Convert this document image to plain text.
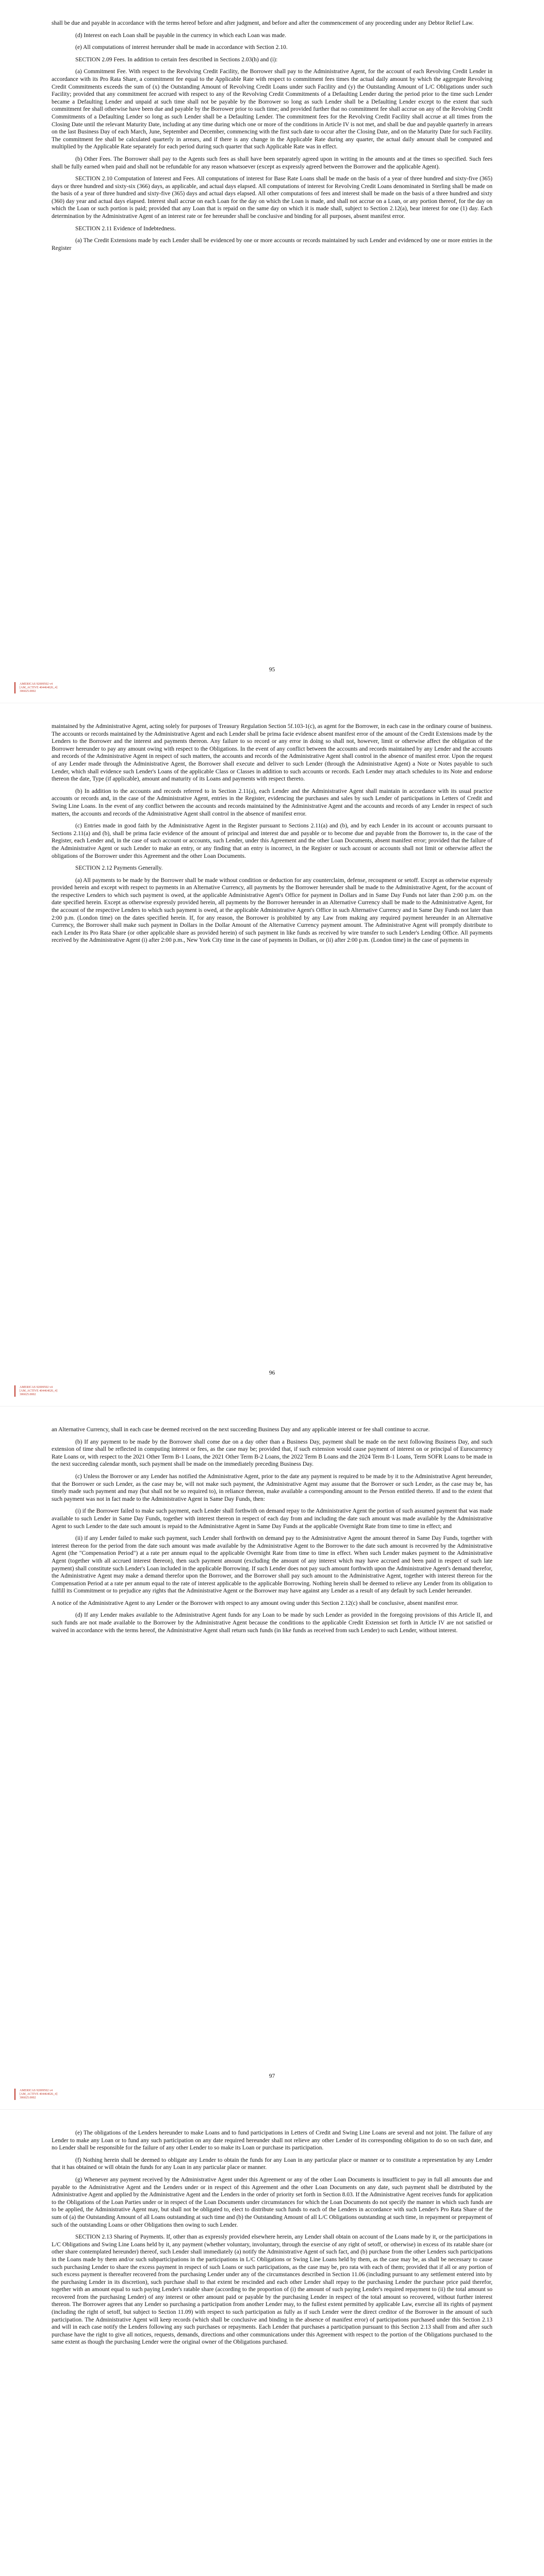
shall be due and payable in accordance with the terms hereof before and after judgment, and before and after the commencement of any proceeding under any Debtor Relief Law.

(d) Interest on each Loan shall be payable in the currency in which each Loan was made.

(e) All computations of interest hereunder shall be made in accordance with Section 2.10.

SECTION 2.09 Fees. In addition to certain fees described in Sections 2.03(h) and (i):

(a) Commitment Fee. With respect to the Revolving Credit Facility, the Borrower shall pay to the Administrative Agent, for the account of each Revolving Credit Lender in accordance with its Pro Rata Share, a commitment fee equal to the Applicable Rate with respect to commitment fees times the actual daily amount by which the aggregate Revolving Credit Commitments exceeds the sum of (x) the Outstanding Amount of Revolving Credit Loans under such Facility and (y) the Outstanding Amount of L/C Obligations under such Facility; provided that any commitment fee accrued with respect to any of the Revolving Credit Commitments of a Defaulting Lender during the period prior to the time such Lender became a Defaulting Lender and unpaid at such time shall not be payable by the Borrower so long as such Lender shall be a Defaulting Lender except to the extent that such commitment fee shall otherwise have been due and payable by the Borrower prior to such time; and provided further that no commitment fee shall accrue on any of the Revolving Credit Commitments of a Defaulting Lender so long as such Lender shall be a Defaulting Lender. The commitment fees for the Revolving Credit Facility shall accrue at all times from the Closing Date until the relevant Maturity Date, including at any time during which one or more of the conditions in Article IV is not met, and shall be due and payable quarterly in arrears on the last Business Day of each March, June, September and December, commencing with the first such date to occur after the Closing Date, and on the Maturity Date for such Facility. The commitment fee shall be calculated quarterly in arrears, and if there is any change in the Applicable Rate during any quarter, the actual daily amount shall be computed and multiplied by the Applicable Rate separately for each period during such quarter that such Applicable Rate was in effect.

(b) Other Fees. The Borrower shall pay to the Agents such fees as shall have been separately agreed upon in writing in the amounts and at the times so specified. Such fees shall be fully earned when paid and shall not be refundable for any reason whatsoever (except as expressly agreed between the Borrower and the applicable Agent).

SECTION 2.10 Computation of Interest and Fees. All computations of interest for Base Rate Loans shall be made on the basis of a year of three hundred and sixty-five (365) days or three hundred and sixty-six (366) days, as applicable, and actual days elapsed. All computations of interest for Revolving Credit Loans denominated in Sterling shall be made on the basis of a year of three hundred and sixty-five (365) days and actual days elapsed. All other computations of fees and interest shall be made on the basis of a three hundred and sixty (360) day year and actual days elapsed. Interest shall accrue on each Loan for the day on which the Loan is made, and shall not accrue on a Loan, or any portion thereof, for the day on which the Loan or such portion is paid; provided that any Loan that is repaid on the same day on which it is made shall, subject to Section 2.12(a), bear interest for one (1) day. Each determination by the Administrative Agent of an interest rate or fee hereunder shall be conclusive and binding for all purposes, absent manifest error.

SECTION 2.11 Evidence of Indebtedness.

(a) The Credit Extensions made by each Lender shall be evidenced by one or more accounts or records maintained by such Lender and evidenced by one or more entries in the Register

95
AMERICAS 92009502 v4
[AM_ACTIVE 404464026_4]
306025.0002

maintained by the Administrative Agent, acting solely for purposes of Treasury Regulation Section 5f.103-1(c), as agent for the Borrower, in each case in the ordinary course of business. The accounts or records maintained by the Administrative Agent and each Lender shall be prima facie evidence absent manifest error of the amount of the Credit Extensions made by the Lenders to the Borrower and the interest and payments thereon. Any failure to so record or any error in doing so shall not, however, limit or otherwise affect the obligation of the Borrower hereunder to pay any amount owing with respect to the Obligations. In the event of any conflict between the accounts and records maintained by any Lender and the accounts and records of the Administrative Agent in respect of such matters, the accounts and records of the Administrative Agent shall control in the absence of manifest error. Upon the request of any Lender made through the Administrative Agent, the Borrower shall execute and deliver to such Lender (through the Administrative Agent) a Note or Notes payable to such Lender, which shall evidence such Lender's Loans of the applicable Class or Classes in addition to such accounts or records. Each Lender may attach schedules to its Note and endorse thereon the date, Type (if applicable), amount and maturity of its Loans and payments with respect thereto.

(b) In addition to the accounts and records referred to in Section 2.11(a), each Lender and the Administrative Agent shall maintain in accordance with its usual practice accounts or records and, in the case of the Administrative Agent, entries in the Register, evidencing the purchases and sales by such Lender of participations in Letters of Credit and Swing Line Loans. In the event of any conflict between the accounts and records maintained by the Administrative Agent and the accounts and records of any Lender in respect of such matters, the accounts and records of the Administrative Agent shall control in the absence of manifest error.

(c) Entries made in good faith by the Administrative Agent in the Register pursuant to Sections 2.11(a) and (b), and by each Lender in its account or accounts pursuant to Sections 2.11(a) and (b), shall be prima facie evidence of the amount of principal and interest due and payable or to become due and payable from the Borrower to, in the case of the Register, each Lender and, in the case of such account or accounts, such Lender, under this Agreement and the other Loan Documents, absent manifest error; provided that the failure of the Administrative Agent or such Lender to make an entry, or any finding that an entry is incorrect, in the Register or such account or accounts shall not limit or otherwise affect the obligations of the Borrower under this Agreement and the other Loan Documents.

SECTION 2.12 Payments Generally.

(a) All payments to be made by the Borrower shall be made without condition or deduction for any counterclaim, defense, recoupment or setoff. Except as otherwise expressly provided herein and except with respect to payments in an Alternative Currency, all payments by the Borrower hereunder shall be made to the Administrative Agent, for the account of the respective Lenders to which such payment is owed, at the applicable Administrative Agent's Office for payment in Dollars and in Same Day Funds not later than 2:00 p.m. on the date specified herein. Except as otherwise expressly provided herein, all payments by the Borrower hereunder in an Alternative Currency shall be made to the Administrative Agent, for the account of the respective Lenders to which such payment is owed, at the applicable Administrative Agent's Office in such Alternative Currency and in Same Day Funds not later than 2:00 p.m. (London time) on the dates specified herein. If, for any reason, the Borrower is prohibited by any Law from making any required payment hereunder in an Alternative Currency, the Borrower shall make such payment in Dollars in the Dollar Amount of the Alternative Currency payment amount. The Administrative Agent will promptly distribute to each Lender its Pro Rata Share (or other applicable share as provided herein) of such payment in like funds as received by wire transfer to such Lender's Lending Office. All payments received by the Administrative Agent (i) after 2:00 p.m., New York City time in the case of payments in Dollars, or (ii) after 2:00 p.m. (London time) in the case of payments in

96
AMERICAS 92009502 v4
[AM_ACTIVE 404464026_4]
306025.0002

an Alternative Currency, shall in each case be deemed received on the next succeeding Business Day and any applicable interest or fee shall continue to accrue.

(b) If any payment to be made by the Borrower shall come due on a day other than a Business Day, payment shall be made on the next following Business Day, and such extension of time shall be reflected in computing interest or fees, as the case may be; provided that, if such extension would cause payment of interest on or principal of Eurocurrency Rate Loans or, with respect to the 2021 Other Term B-1 Loans, the 2021 Other Term B-2 Loans, the 2022 Term B Loans and the 2024 Term B-1 Loans, Term SOFR Loans to be made in the next succeeding calendar month, such payment shall be made on the immediately preceding Business Day.

(c) Unless the Borrower or any Lender has notified the Administrative Agent, prior to the date any payment is required to be made by it to the Administrative Agent hereunder, that the Borrower or such Lender, as the case may be, will not make such payment, the Administrative Agent may assume that the Borrower or such Lender, as the case may be, has timely made such payment and may (but shall not be so required to), in reliance thereon, make available a corresponding amount to the Person entitled thereto. If and to the extent that such payment was not in fact made to the Administrative Agent in Same Day Funds, then:

(i) if the Borrower failed to make such payment, each Lender shall forthwith on demand repay to the Administrative Agent the portion of such assumed payment that was made available to such Lender in Same Day Funds, together with interest thereon in respect of each day from and including the date such amount was made available by the Administrative Agent to such Lender to the date such amount is repaid to the Administrative Agent in Same Day Funds at the applicable Overnight Rate from time to time in effect; and

(ii) if any Lender failed to make such payment, such Lender shall forthwith on demand pay to the Administrative Agent the amount thereof in Same Day Funds, together with interest thereon for the period from the date such amount was made available by the Administrative Agent to the Borrower to the date such amount is recovered by the Administrative Agent (the "Compensation Period") at a rate per annum equal to the applicable Overnight Rate from time to time in effect. When such Lender makes payment to the Administrative Agent (together with all accrued interest thereon), then such payment amount (excluding the amount of any interest which may have accrued and been paid in respect of such late payment) shall constitute such Lender's Loan included in the applicable Borrowing. If such Lender does not pay such amount forthwith upon the Administrative Agent's demand therefor, the Administrative Agent may make a demand therefor upon the Borrower, and the Borrower shall pay such amount to the Administrative Agent, together with interest thereon for the Compensation Period at a rate per annum equal to the rate of interest applicable to the applicable Borrowing. Nothing herein shall be deemed to relieve any Lender from its obligation to fulfill its Commitment or to prejudice any rights that the Administrative Agent or the Borrower may have against any Lender as a result of any default by such Lender hereunder.

A notice of the Administrative Agent to any Lender or the Borrower with respect to any amount owing under this Section 2.12(c) shall be conclusive, absent manifest error.

(d) If any Lender makes available to the Administrative Agent funds for any Loan to be made by such Lender as provided in the foregoing provisions of this Article II, and such funds are not made available to the Borrower by the Administrative Agent because the conditions to the applicable Credit Extension set forth in Article IV are not satisfied or waived in accordance with the terms hereof, the Administrative Agent shall return such funds (in like funds as received from such Lender) to such Lender, without interest.

97
AMERICAS 92009502 v4
[AM_ACTIVE 404464026_4]
306025.0002

(e) The obligations of the Lenders hereunder to make Loans and to fund participations in Letters of Credit and Swing Line Loans are several and not joint. The failure of any Lender to make any Loan or to fund any such participation on any date required hereunder shall not relieve any other Lender of its corresponding obligation to do so on such date, and no Lender shall be responsible for the failure of any other Lender to so make its Loan or purchase its participation.

(f) Nothing herein shall be deemed to obligate any Lender to obtain the funds for any Loan in any particular place or manner or to constitute a representation by any Lender that it has obtained or will obtain the funds for any Loan in any particular place or manner.

(g) Whenever any payment received by the Administrative Agent under this Agreement or any of the other Loan Documents is insufficient to pay in full all amounts due and payable to the Administrative Agent and the Lenders under or in respect of this Agreement and the other Loan Documents on any date, such payment shall be distributed by the Administrative Agent and applied by the Administrative Agent and the Lenders in the order of priority set forth in Section 8.03. If the Administrative Agent receives funds for application to the Obligations of the Loan Parties under or in respect of the Loan Documents under circumstances for which the Loan Documents do not specify the manner in which such funds are to be applied, the Administrative Agent may, but shall not be obligated to, elect to distribute such funds to each of the Lenders in accordance with such Lender's Pro Rata Share of the sum of (a) the Outstanding Amount of all Loans outstanding at such time and (b) the Outstanding Amount of all L/C Obligations outstanding at such time, in repayment or prepayment of such of the outstanding Loans or other Obligations then owing to such Lender.

SECTION 2.13 Sharing of Payments. If, other than as expressly provided elsewhere herein, any Lender shall obtain on account of the Loans made by it, or the participations in L/C Obligations and Swing Line Loans held by it, any payment (whether voluntary, involuntary, through the exercise of any right of setoff, or otherwise) in excess of its ratable share (or other share contemplated hereunder) thereof, such Lender shall immediately (a) notify the Administrative Agent of such fact, and (b) purchase from the other Lenders such participations in the Loans made by them and/or such subparticipations in the participations in L/C Obligations or Swing Line Loans held by them, as the case may be, as shall be necessary to cause such purchasing Lender to share the excess payment in respect of such Loans or such participations, as the case may be, pro rata with each of them; provided that if all or any portion of such excess payment is thereafter recovered from the purchasing Lender under any of the circumstances described in Section 11.06 (including pursuant to any settlement entered into by the purchasing Lender in its discretion), such purchase shall to that extent be rescinded and each other Lender shall repay to the purchasing Lender the purchase price paid therefor, together with an amount equal to such paying Lender's ratable share (according to the proportion of (i) the amount of such paying Lender's required repayment to (ii) the total amount so recovered from the purchasing Lender) of any interest or other amount paid or payable by the purchasing Lender in respect of the total amount so recovered, without further interest thereon. The Borrower agrees that any Lender so purchasing a participation from another Lender may, to the fullest extent permitted by applicable Law, exercise all its rights of payment (including the right of setoff, but subject to Section 11.09) with respect to such participation as fully as if such Lender were the direct creditor of the Borrower in the amount of such participation. The Administrative Agent will keep records (which shall be conclusive and binding in the absence of manifest error) of participations purchased under this Section 2.13 and will in each case notify the Lenders following any such purchases or repayments. Each Lender that purchases a participation pursuant to this Section 2.13 shall from and after such purchase have the right to give all notices, requests, demands, directions and other communications under this Agreement with respect to the portion of the Obligations purchased to the same extent as though the purchasing Lender were the original owner of the Obligations purchased.
